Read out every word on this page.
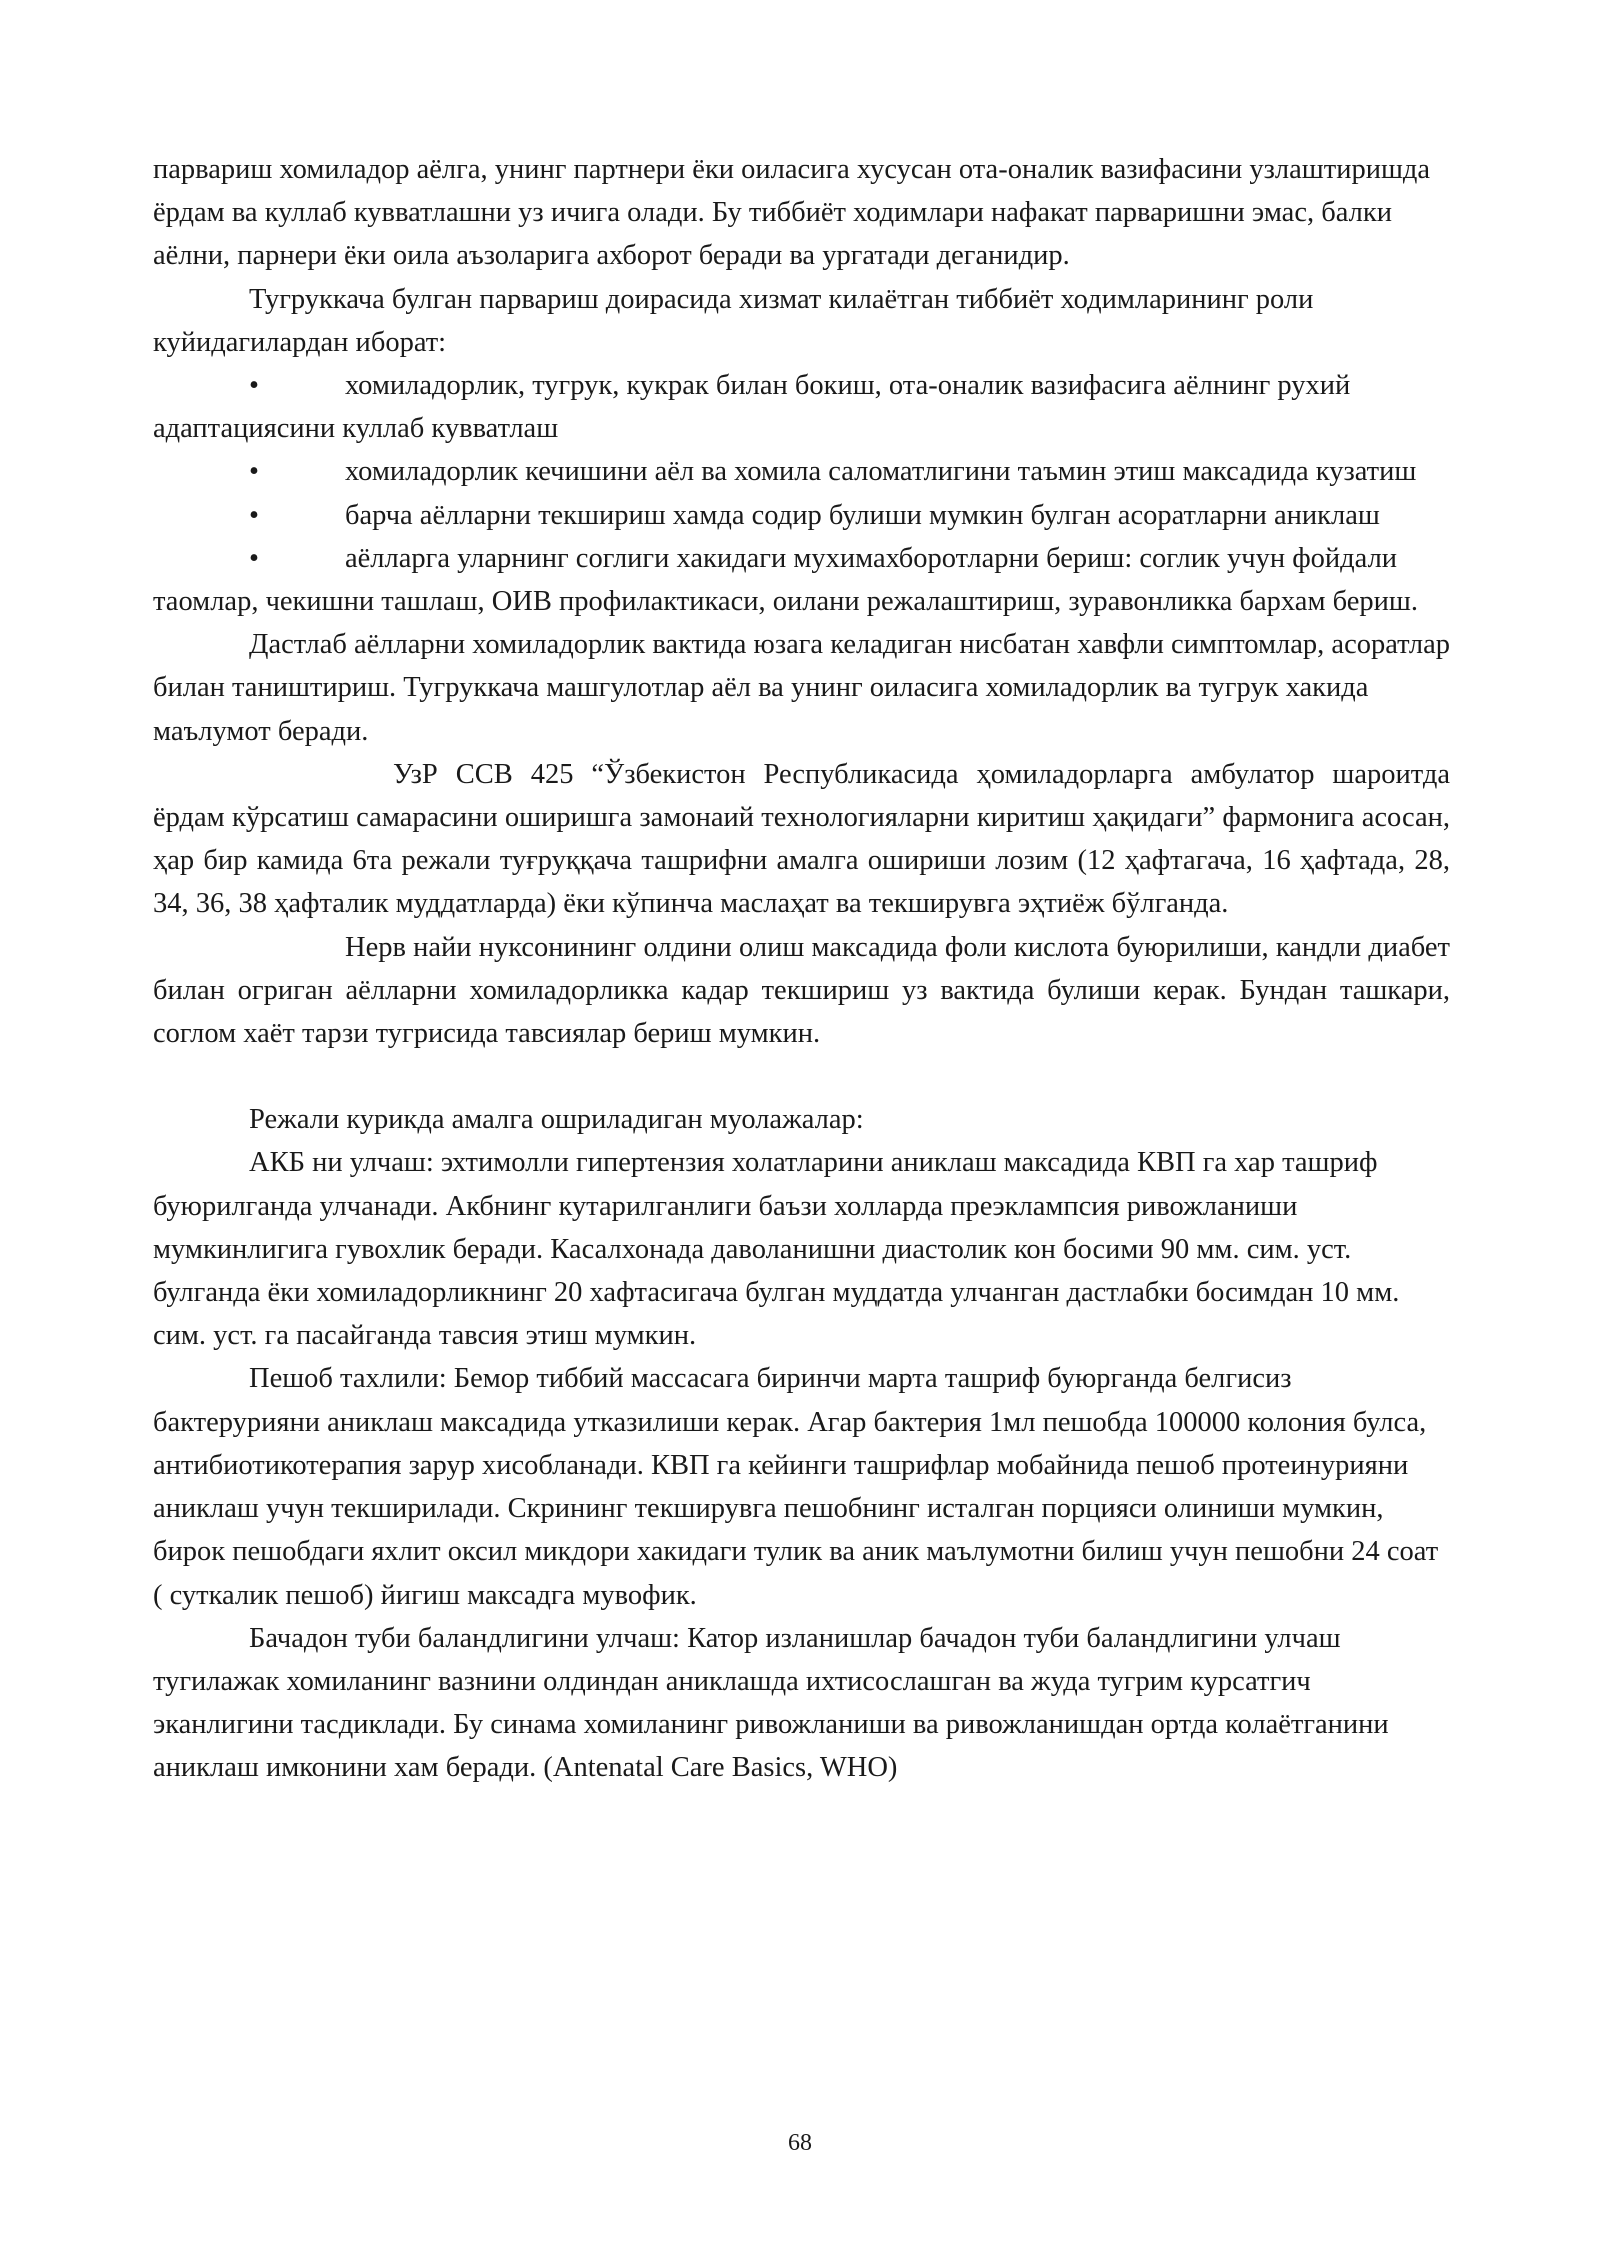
парвариш хомиладор аёлга, унинг партнери ёки оиласига хусусан ота-оналик вазифасини узлаштиришда ёрдам ва куллаб кувватлашни уз ичига олади. Бу тиббиёт ходимлари нафакат парваришни эмас, балки аёлни, парнери ёки оила аъзоларига ахборот беради ва ургатади деганидир.

Тугруккача булган парвариш доирасида хизмат килаётган тиббиёт ходимларининг роли куйидагилардан иборат:

•	хомиладорлик, тугрук, кукрак билан бокиш, ота-оналик вазифасига аёлнинг рухий адаптациясини куллаб кувватлаш

•	хомиладорлик кечишини аёл ва хомила саломатлигини таъмин этиш максадида кузатиш

•	барча аёлларни текшириш хамда содир булиши мумкин булган асоратларни аниклаш

•	аёлларга уларнинг соглиги хакидаги мухимахборотларни бериш: соглик учун фойдали таомлар, чекишни ташлаш, ОИВ профилактикаси, оилани режалаштириш, зуравонликка бархам бериш.

Дастлаб аёлларни хомиладорлик вактида юзага келадиган нисбатан хавфли симптомлар, асоратлар билан таништириш. Тугруккача машгулотлар аёл ва унинг оиласига хомиладорлик ва тугрук хакида маълумот беради.

УзР ССВ 425 “Ўзбекистон Республикасида ҳомиладорларга амбулатор шароитда ёрдам кўрсатиш самарасини оширишга замонаий технологияларни киритиш ҳақидаги” фармонига асосан, ҳар бир камида 6та режали туғруққача ташрифни амалга ошириши лозим (12 ҳафтагача, 16 ҳафтада, 28, 34, 36, 38 ҳафталик муддатларда) ёки кўпинча маслаҳат ва текширувга эҳтиёж бўлганда.

Нерв найи нуксонининг олдини олиш максадида фоли кислота буюрилиши, кандли диабет билан огриган аёлларни хомиладорликка кадар текшириш уз вактида булиши керак. Бундан ташкари, соглом хаёт тарзи тугрисида тавсиялар бериш мумкин.

Режали курикда амалга ошриладиган муолажалар:

АКБ ни улчаш: эхтимолли гипертензия холатларини аниклаш максадида КВП га хар ташриф буюрилганда улчанади. Акбнинг кутарилганлиги баъзи холларда преэклампсия ривожланиши мумкинлигига гувохлик беради. Касалхонада даволанишни диастолик кон босими 90 мм. сим. уст. булганда ёки хомиладорликнинг 20 хафтасигача булган муддатда улчанган дастлабки босимдан 10 мм. сим. уст. га пасайганда тавсия этиш мумкин.

Пешоб тахлили: Бемор тиббий массасага биринчи марта ташриф буюрганда белгисиз бактерурияни аниклаш максадида утказилиши керак. Агар бактерия 1мл пешобда 100000 колония булса, антибиотикотерапия зарур хисобланади. КВП га кейинги ташрифлар мобайнида пешоб протеинурияни аниклаш учун текширилади. Скрининг текширувга пешобнинг исталган порцияси олиниши мумкин, бирок пешобдаги яхлит оксил микдори хакидаги тулик ва аник маълумотни билиш учун пешобни 24 соат ( суткалик пешоб) йигиш максадга мувофик.

Бачадон туби баландлигини улчаш: Катор изланишлар бачадон туби баландлигини улчаш тугилажак хомиланинг вазнини олдиндан аниклашда ихтисослашган ва жуда тугрим курсатгич эканлигини тасдиклади. Бу синама хомиланинг ривожланиши ва ривожланишдан ортда колаётганини аниклаш имконини хам беради. (Antenatal Care Basics, WHO)

68
